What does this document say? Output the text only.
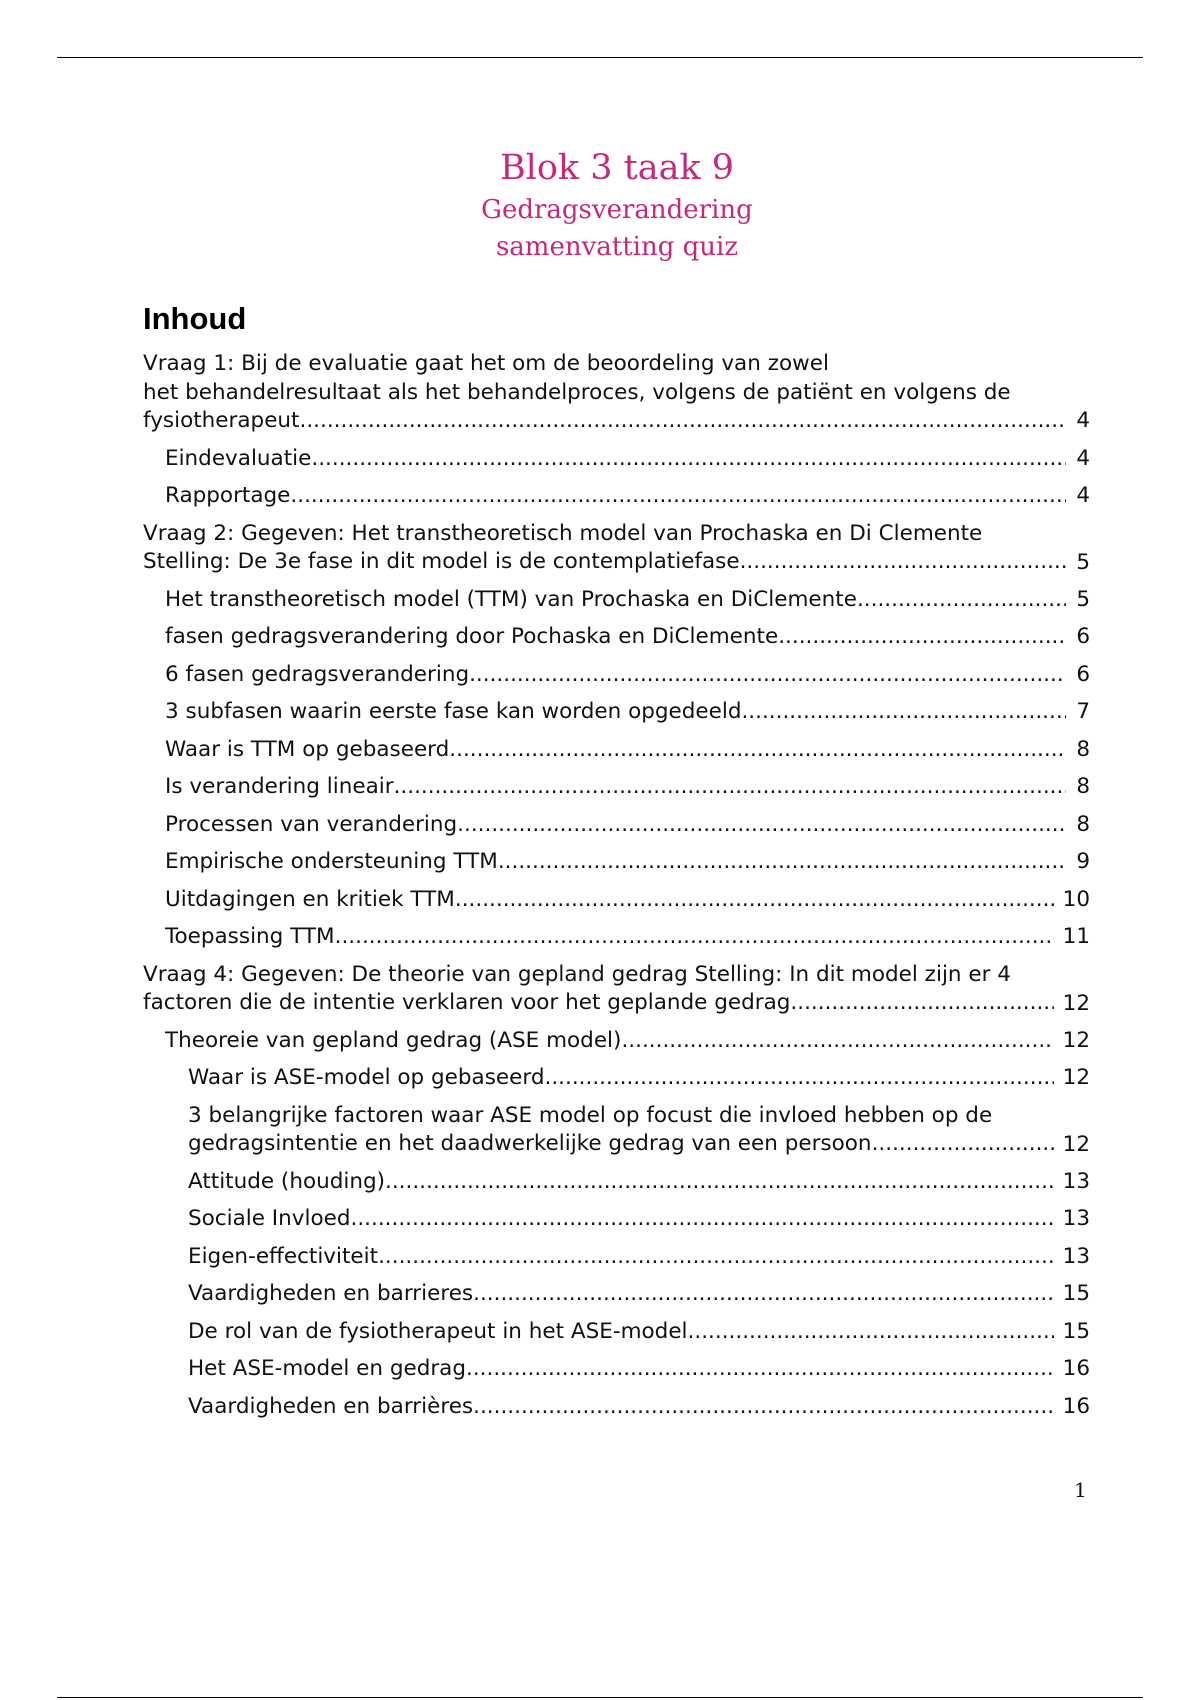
Blok 3 taak 9
Gedragsverandering
samenvatting quiz
Inhoud
Vraag 1: Bij de evaluatie gaat het om de beoordeling van zowel
het behandelresultaat als het behandelproces, volgens de patiënt en volgens de
fysiotherapeut. .....	4
Eindevaluatie .....	4
Rapportage .....	4
Vraag 2: Gegeven: Het transtheoretisch model van Prochaska en Di Clemente
Stelling: De 3e fase in dit model is de contemplatiefase .....	5
Het transtheoretisch model (TTM) van Prochaska en DiClemente .....	5
fasen gedragsverandering door Pochaska en DiClemente .....	6
6 fasen gedragsverandering .....	6
3 subfasen waarin eerste fase kan worden opgedeeld .....	7
Waar is TTM op gebaseerd .....	8
Is verandering lineair .....	8
Processen van verandering .....	8
Empirische ondersteuning TTM .....	9
Uitdagingen en kritiek TTM .....	10
Toepassing TTM .....	11
Vraag 4: Gegeven: De theorie van gepland gedrag Stelling: In dit model zijn er 4
factoren die de intentie verklaren voor het geplande gedrag .....	12
Theoreie van gepland gedrag (ASE model) .....	12
Waar is ASE-model op gebaseerd .....	12
3 belangrijke factoren waar ASE model op focust die invloed hebben op de
gedragsintentie en het daadwerkelijke gedrag van een persoon .....	12
Attitude (houding) .....	13
Sociale Invloed .....	13
Eigen-effectiviteit .....	13
Vaardigheden en barrieres .....	15
De rol van de fysiotherapeut in het ASE-model .....	15
Het ASE-model en gedrag .....	16
Vaardigheden en barrières .....	16
1
